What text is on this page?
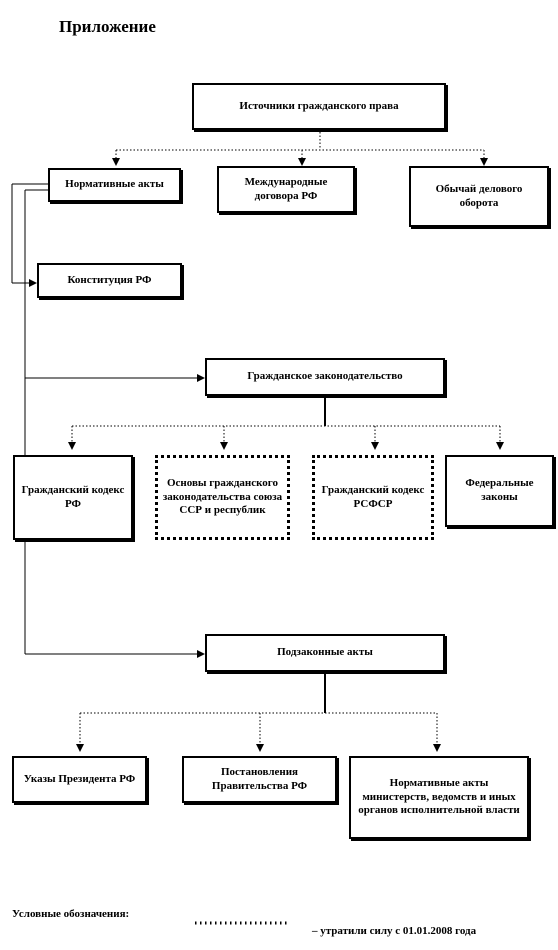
Приложение
Источники гражданского права
Нормативные акты	Международные договора РФ
Обычай делового оборота
Конституция РФ
Гражданское законодательство
Гражданский кодекс РФ
Основы гражданского законодательства союза ССР и республик
Гражданский кодекс РСФСР
Федеральные законы
Подзаконные акты
Указы Президента РФ
Постановления Правительства РФ	Нормативные акты министерств, ведомств и иных органов исполнительной власти
Условные обозначения:
– утратили силу с 01.01.2008 года
